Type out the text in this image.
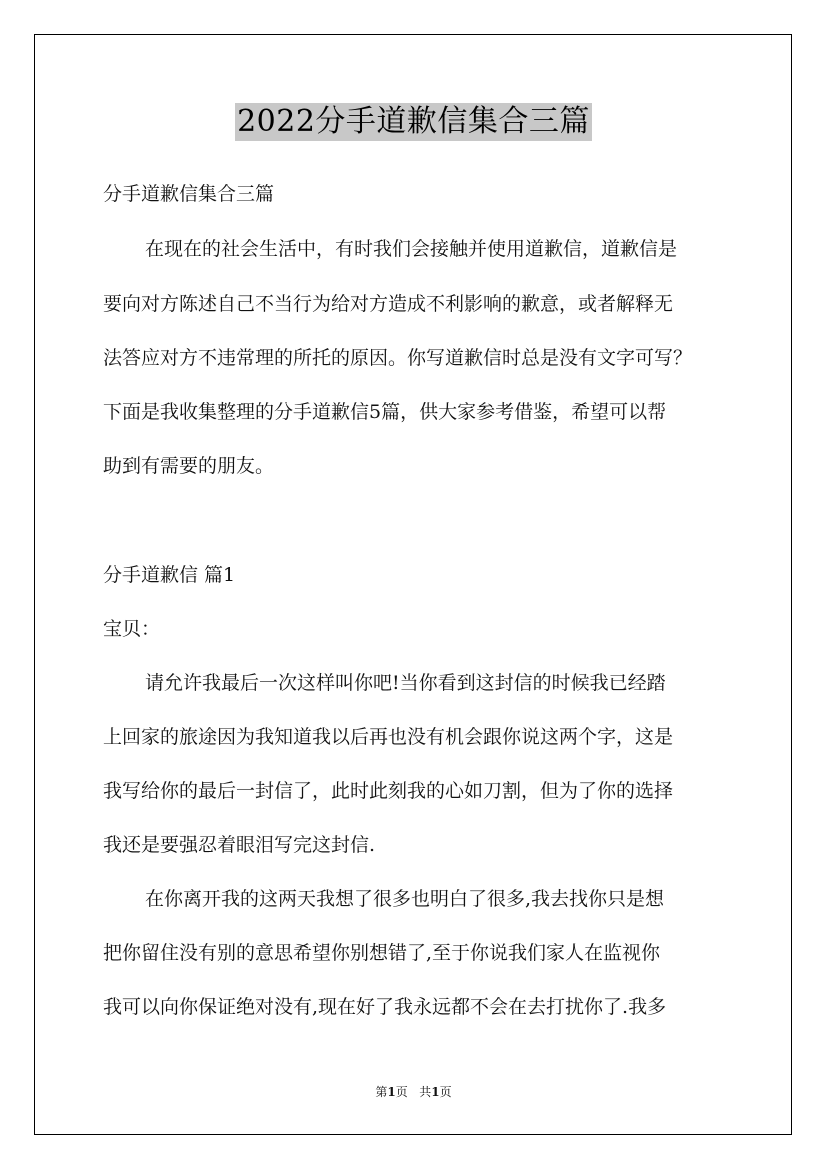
2022分手道歉信集合三篇
分手道歉信集合三篇
在现在的社会生活中，有时我们会接触并使用道歉信，道歉信是
要向对方陈述自己不当行为给对方造成不利影响的歉意，或者解释无
法答应对方不违常理的所托的原因。你写道歉信时总是没有文字可写？
下面是我收集整理的分手道歉信5篇，供大家参考借鉴，希望可以帮
助到有需要的朋友。
分手道歉信 篇1
宝贝：
请允许我最后一次这样叫你吧!当你看到这封信的时候我已经踏
上回家的旅途因为我知道我以后再也没有机会跟你说这两个字，这是
我写给你的最后一封信了，此时此刻我的心如刀割，但为了你的选择
我还是要强忍着眼泪写完这封信.
在你离开我的这两天我想了很多也明白了很多,我去找你只是想
把你留住没有别的意思希望你别想错了,至于你说我们家人在监视你
我可以向你保证绝对没有,现在好了我永远都不会在去打扰你了.我多
第1页 共1页
